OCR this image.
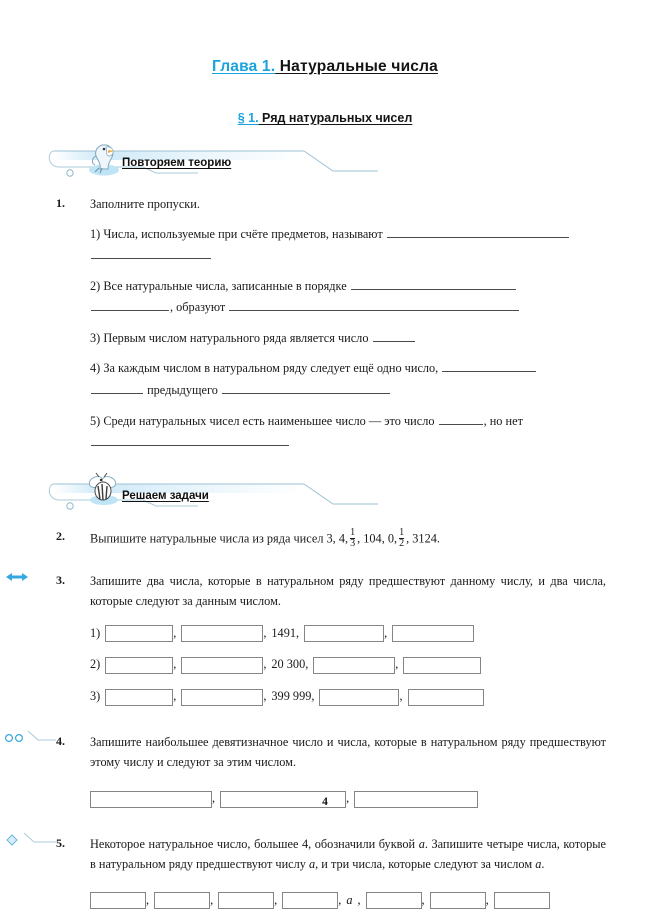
Глава 1. Натуральные числа
§ 1. Ряд натуральных чисел
Повторяем теорию
1.	Заполните пропуски.
1) Числа, используемые при счёте предметов, называют

2) Все натуральные числа, записанные в порядке
, образуют
3) Первым числом натурального ряда является число
4) За каждым числом в натуральном ряду следует ещё одно число,
предыдущего
5) Среди натуральных чисел есть наименьшее число — это число	, но нет

Решаем задачи
2.	Выпишите натуральные числа из ряда чисел 3, 4, $\frac{1}{3}$ , 104, 0, $\frac{1}{2}$ , 3124.
3.	Запишите два числа, которые в натуральном ряду предшествуют данному числу, и два числа, которые следуют за данным числом.
1)	,	, 1491,	,
2)	,	, 20 300,	,
3)	,	, 399 999,	,
4.	Запишите наибольшее девятизначное число и числа, которые в натуральном ряду предшествуют этому числу и следуют за этим числом.
,	,
5.	Некоторое натуральное число, большее 4, обозначили буквой a. Запишите четыре числа, которые в натуральном ряду предшествуют числу a, и три числа, которые следуют за числом a.
,	,	,	, a ,	,	,
4
